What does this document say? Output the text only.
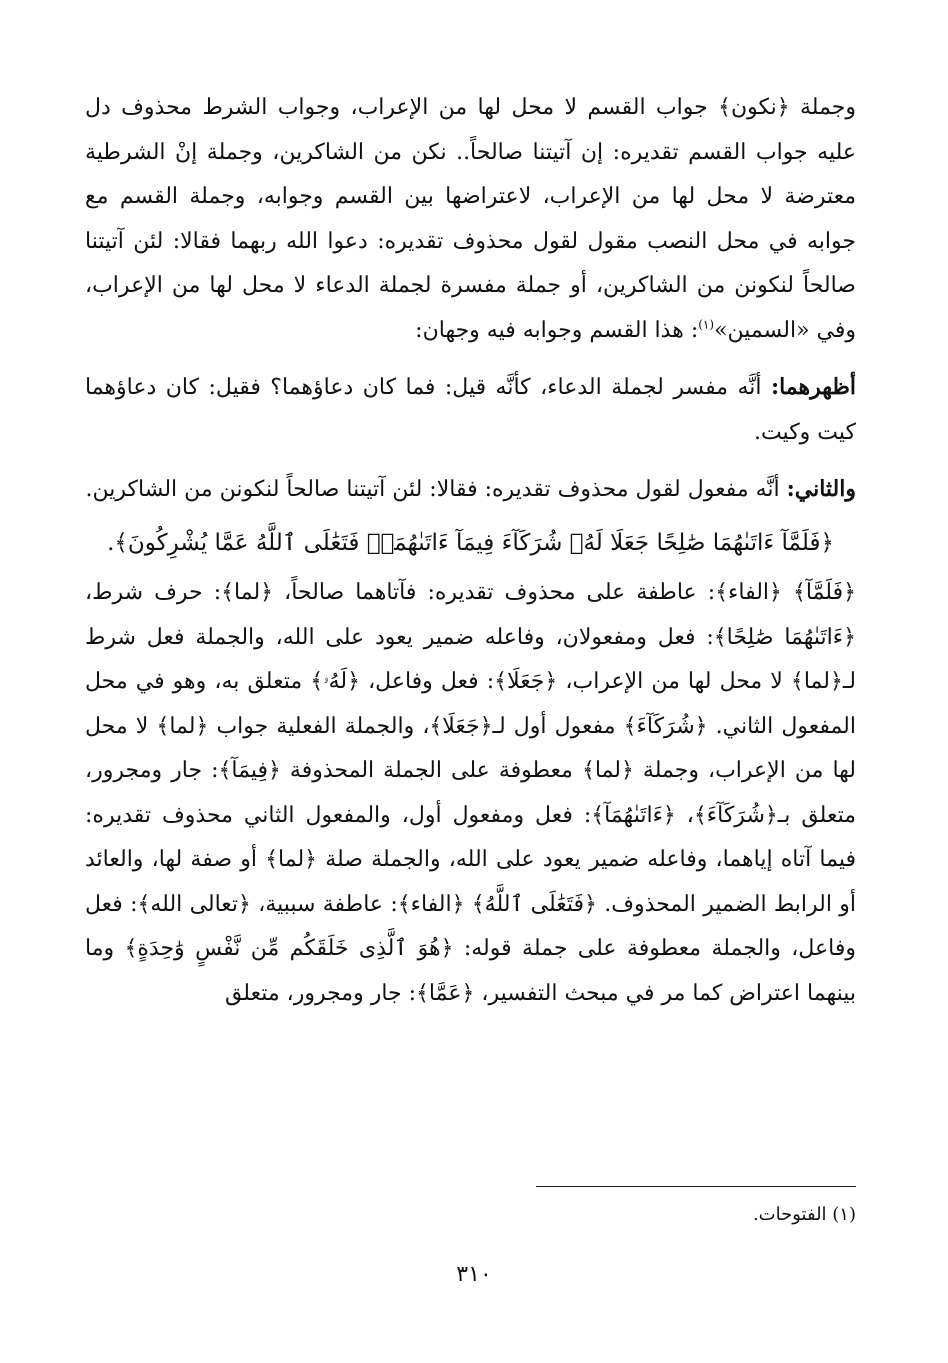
وجملة ﴿نكون﴾ جواب القسم لا محل لها من الإعراب، وجواب الشرط محذوف دل عليه جواب القسم تقديره: إن آتيتنا صالحاً.. نكن من الشاكرين، وجملة إنْ الشرطية معترضة لا محل لها من الإعراب، لاعتراضها بين القسم وجوابه، وجملة القسم مع جوابه في محل النصب مقول لقول محذوف تقديره: دعوا الله ربهما فقالا: لئن آتيتنا صالحاً لنكونن من الشاكرين، أو جملة مفسرة لجملة الدعاء لا محل لها من الإعراب، وفي «السمين»$^{(١)}$: هذا القسم وجوابه فيه وجهان:

أظهرهما: أنَّه مفسر لجملة الدعاء، كأنَّه قيل: فما كان دعاؤهما؟ فقيل: كان دعاؤهما كيت وكيت.

والثاني: أنَّه مفعول لقول محذوف تقديره: فقالا: لئن آتيتنا صالحاً لنكونن من الشاكرين.

﴿فَلَمَّآ ءَاتَىٰهُمَا صَٰلِحًا جَعَلَا لَهُۥ شُرَكَآءَ فِيمَآ ءَاتَىٰهُمَاۚ فَتَعَٰلَى ٱللَّهُ عَمَّا يُشْرِكُونَ﴾.

﴿فَلَمَّآ﴾ ﴿الفاء﴾: عاطفة على محذوف تقديره: فآتاهما صالحاً، ﴿لما﴾: حرف شرط، ﴿ءَاتَىٰهُمَا صَٰلِحًا﴾: فعل ومفعولان، وفاعله ضمير يعود على الله، والجملة فعل شرط لـ﴿لما﴾ لا محل لها من الإعراب، ﴿جَعَلَا﴾: فعل وفاعل، ﴿لَهُۥ﴾ متعلق به، وهو في محل المفعول الثاني. ﴿شُرَكَآءَ﴾ مفعول أول لـ﴿جَعَلَا﴾، والجملة الفعلية جواب ﴿لما﴾ لا محل لها من الإعراب، وجملة ﴿لما﴾ معطوفة على الجملة المحذوفة ﴿فِيمَآ﴾: جار ومجرور، متعلق بـ﴿شُرَكَآءَ﴾، ﴿ءَاتَىٰهُمَآ﴾: فعل ومفعول أول، والمفعول الثاني محذوف تقديره: فيما آتاه إياهما، وفاعله ضمير يعود على الله، والجملة صلة ﴿لما﴾ أو صفة لها، والعائد أو الرابط الضمير المحذوف. ﴿فَتَعَٰلَى ٱللَّهُ﴾ ﴿الفاء﴾: عاطفة سببية، ﴿تعالى الله﴾: فعل وفاعل، والجملة معطوفة على جملة قوله: ﴿هُوَ ٱلَّذِى خَلَقَكُم مِّن نَّفْسٍ وَٰحِدَةٍ﴾ وما بينهما اعتراض كما مر في مبحث التفسير، ﴿عَمَّا﴾: جار ومجرور، متعلق

(١) الفتوحات.
٣١٠
